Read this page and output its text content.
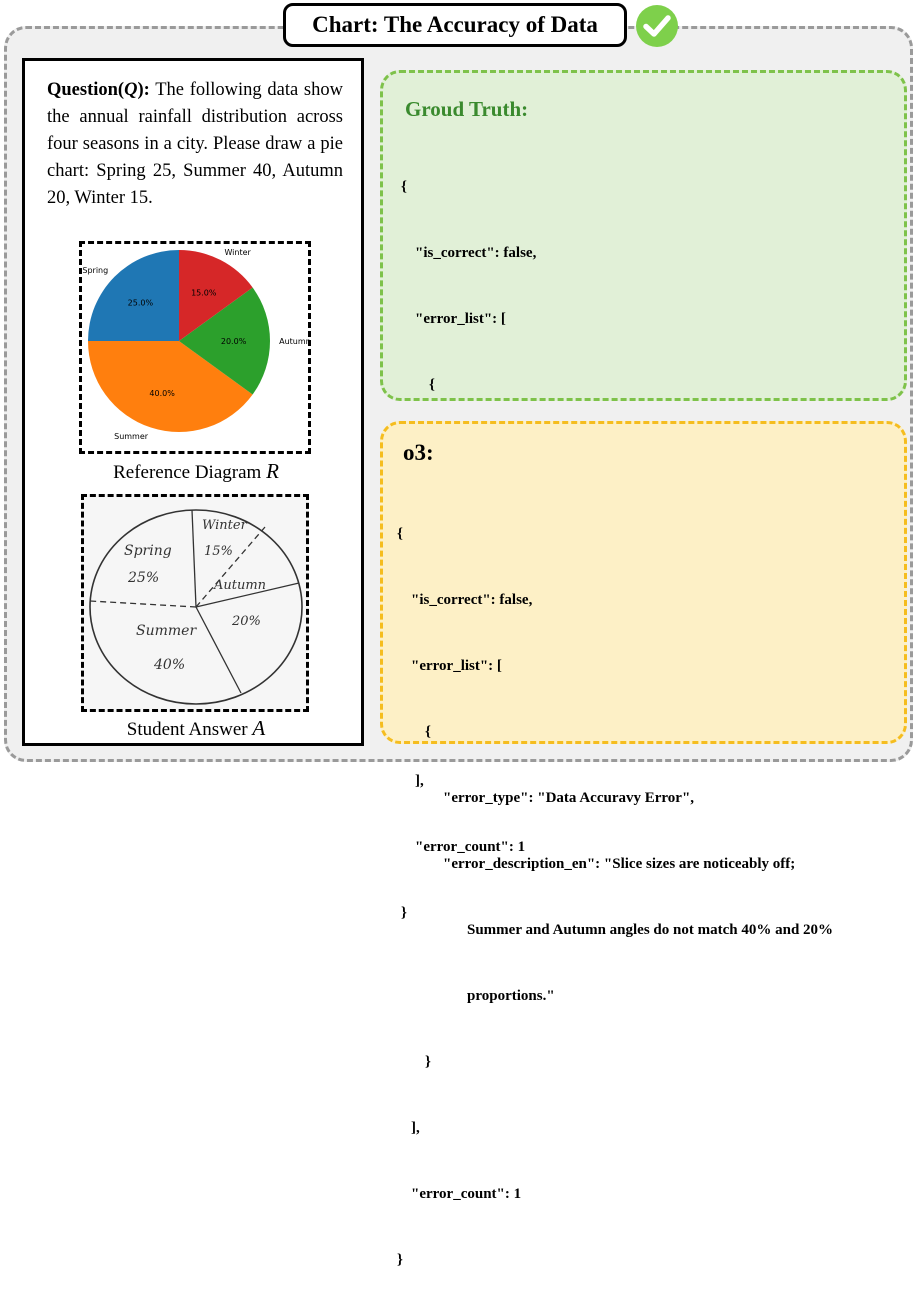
Chart: The Accuracy of Data
Question(Q): The following data show the annual rainfall distribution across four seasons in a city. Please draw a pie chart: Spring 25, Summer 40, Autumn 20, Winter 15.
25.0%
Spring
40.0%
Summer
20.0%	Autumn
15.0%
Winter
Reference Diagram R
Spring
25%
Winter
15%
Autumn
20%
Summer
40%
Student Answer A
Groud Truth:

{

"is_correct": false,

"error_list": [

{

],

"error_count": 1

}

o3:

{

"is_correct": false,

"error_list": [

{

"error_type": "Data Accuravy Error",

"error_description_en": "Slice sizes are noticeably off;

Summer and Autumn angles do not match 40% and 20%

proportions."

}

],

"error_count": 1

}
